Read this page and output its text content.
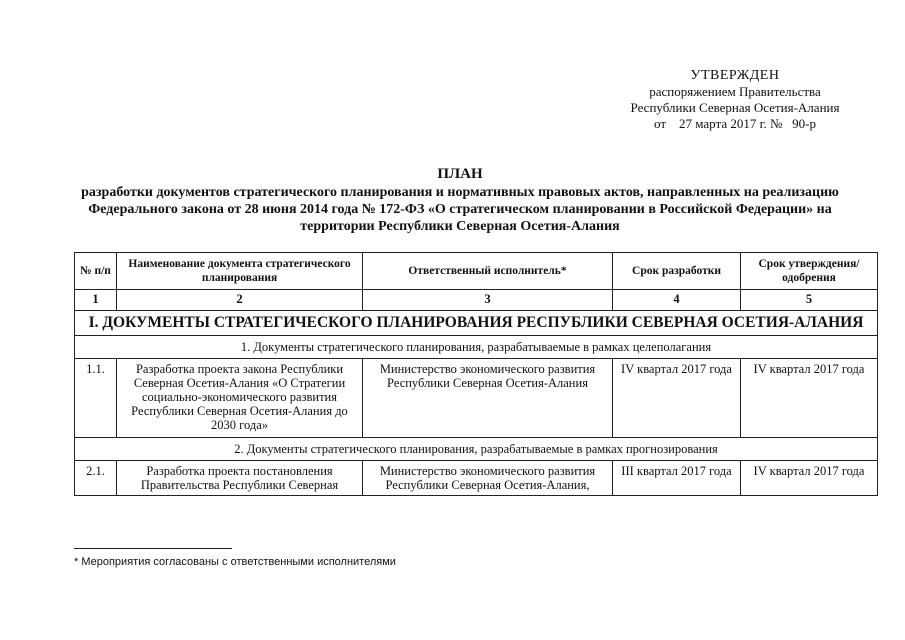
УТВЕРЖДЕН
распоряжением Правительства
Республики Северная Осетия-Алания
от 27 марта 2017 г. № 90-р
ПЛАН
разработки документов стратегического планирования и нормативных правовых актов, направленных на реализацию Федерального закона от 28 июня 2014 года № 172-ФЗ «О стратегическом планировании в Российской Федерации» на территории Республики Северная Осетия-Алания
№ п/п	Наименование документа стратегического планирования	Ответственный исполнитель*	Срок разработки	Срок утверждения/ одобрения
1	2	3	4	5
I. ДОКУМЕНТЫ СТРАТЕГИЧЕСКОГО ПЛАНИРОВАНИЯ РЕСПУБЛИКИ СЕВЕРНАЯ ОСЕТИЯ-АЛАНИЯ				
1. Документы стратегического планирования, разрабатываемые в рамках целеполагания				
1.1.	Разработка проекта закона Республики Северная Осетия-Алания «О Стратегии социально-экономического развития Республики Северная Осетия-Алания до 2030 года»	Министерство экономического развития Республики Северная Осетия-Алания	IV квартал 2017 года	IV квартал 2017 года
2. Документы стратегического планирования, разрабатываемые в рамках прогнозирования				
2.1.	Разработка проекта постановления Правительства Республики Северная	Министерство экономического развития Республики Северная Осетия-Алания,	III квартал 2017 года	IV квартал 2017 года
* Мероприятия согласованы с ответственными исполнителями
